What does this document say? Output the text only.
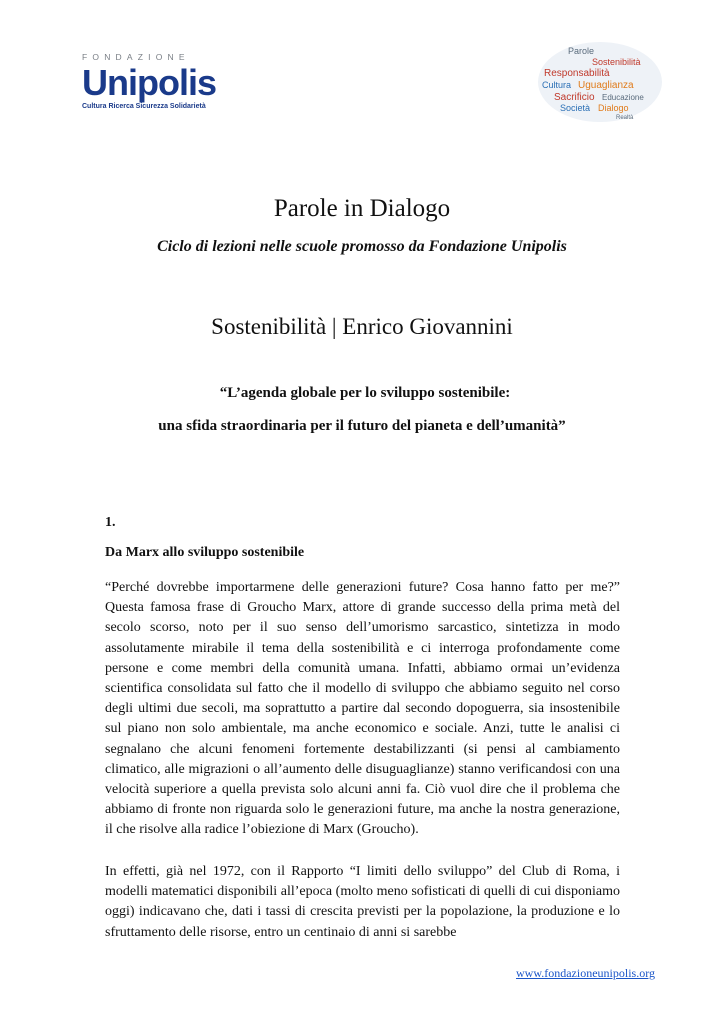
FONDAZIONE

Unipolis
Cultura Ricerca Sicurezza Solidarietà
Parole
Sostenibilità
Responsabilità
Cultura Uguaglianza
Sacrificio Educazione
Società Dialogo
Realtà
Parole in Dialogo

Ciclo di lezioni nelle scuole promosso da Fondazione Unipolis

Sostenibilità | Enrico Giovannini

“L’agenda globale per lo sviluppo sostenibile:

una sfida straordinaria per il futuro del pianeta e dell’umanità”

1.

Da Marx allo sviluppo sostenibile

“Perché dovrebbe importarmene delle generazioni future? Cosa hanno fatto per me?” Questa famosa frase di Groucho Marx, attore di grande successo della prima metà del secolo scorso, noto per il suo senso dell’umorismo sarcastico, sintetizza in modo assolutamente mirabile il tema della sostenibilità e ci interroga profondamente come persone e come membri della comunità umana. Infatti, abbiamo ormai un’evidenza scientifica consolidata sul fatto che il modello di sviluppo che abbiamo seguito nel corso degli ultimi due secoli, ma soprattutto a partire dal secondo dopoguerra, sia insostenibile sul piano non solo ambientale, ma anche economico e sociale. Anzi, tutte le analisi ci segnalano che alcuni fenomeni fortemente destabilizzanti (si pensi al cambiamento climatico, alle migrazioni o all’aumento delle disuguaglianze) stanno verificandosi con una velocità superiore a quella prevista solo alcuni anni fa. Ciò vuol dire che il problema che abbiamo di fronte non riguarda solo le generazioni future, ma anche la nostra generazione, il che risolve alla radice l’obiezione di Marx (Groucho).

In effetti, già nel 1972, con il Rapporto “I limiti dello sviluppo” del Club di Roma, i modelli matematici disponibili all’epoca (molto meno sofisticati di quelli di cui disponiamo oggi) indicavano che, dati i tassi di crescita previsti per la popolazione, la produzione e lo sfruttamento delle risorse, entro un centinaio di anni si sarebbe

www.fondazioneunipolis.org
